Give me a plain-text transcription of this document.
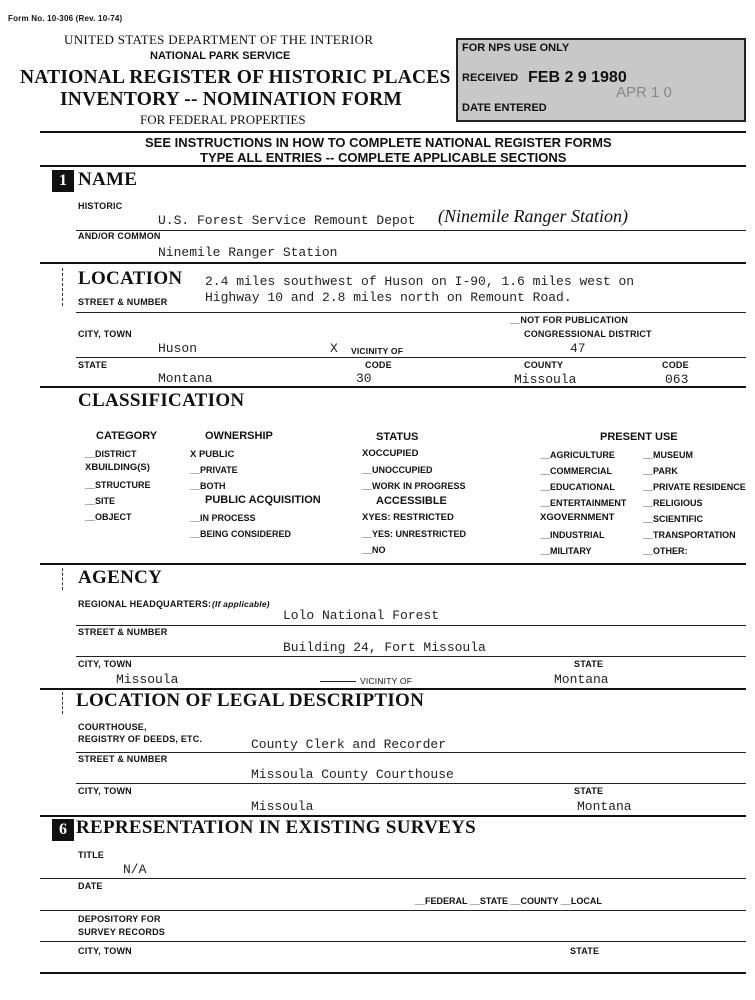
Form No. 10-306 (Rev. 10-74)
UNITED STATES DEPARTMENT OF THE INTERIOR
NATIONAL PARK SERVICE
NATIONAL REGISTER OF HISTORIC PLACES
INVENTORY -- NOMINATION FORM
FOR FEDERAL PROPERTIES
FOR NPS USE ONLY
RECEIVED FEB 2 9 1980
DATE ENTERED
APR 1 0
SEE INSTRUCTIONS IN HOW TO COMPLETE NATIONAL REGISTER FORMS
TYPE ALL ENTRIES -- COMPLETE APPLICABLE SECTIONS
1 NAME
HISTORIC
U.S. Forest Service Remount Depot (Ninemile Ranger Station)
AND/OR COMMON
Ninemile Ranger Station
LOCATION
STREET & NUMBER
2.4 miles southwest of Huson on I-90, 1.6 miles west on
Highway 10 and 2.8 miles north on Remount Road.
__NOT FOR PUBLICATION
CITY, TOWN	CONGRESSIONAL DISTRICT
Huson	X VICINITY OF	47
STATE	CODE	COUNTY	CODE
Montana	30	Missoula	063
CLASSIFICATION
CATEGORY
__DISTRICT
XBUILDING(S)
__STRUCTURE
__SITE
__OBJECT
OWNERSHIP
X PUBLIC
__PRIVATE
__BOTH
PUBLIC ACQUISITION
__IN PROCESS
__BEING CONSIDERED
STATUS
XOCCUPIED
__UNOCCUPIED
__WORK IN PROGRESS
ACCESSIBLE
XYES: RESTRICTED
__YES: UNRESTRICTED
__NO
PRESENT USE
__AGRICULTURE
__COMMERCIAL
__EDUCATIONAL
__ENTERTAINMENT
XGOVERNMENT
__INDUSTRIAL
__MILITARY
__MUSEUM
__PARK
__PRIVATE RESIDENCE
__RELIGIOUS
__SCIENTIFIC
__TRANSPORTATION
__OTHER:
AGENCY
REGIONAL HEADQUARTERS: (If applicable)
Lolo National Forest
STREET & NUMBER
Building 24, Fort Missoula
CITY, TOWN	STATE
Missoula	VICINITY OF	Montana
LOCATION OF LEGAL DESCRIPTION
COURTHOUSE,
REGISTRY OF DEEDS, ETC.	County Clerk and Recorder
STREET & NUMBER
Missoula County Courthouse
CITY, TOWN	STATE
Missoula	Montana
6 REPRESENTATION IN EXISTING SURVEYS
TITLE
N/A
DATE
__FEDERAL __STATE __COUNTY __LOCAL
DEPOSITORY FOR
SURVEY RECORDS
CITY, TOWN	STATE
